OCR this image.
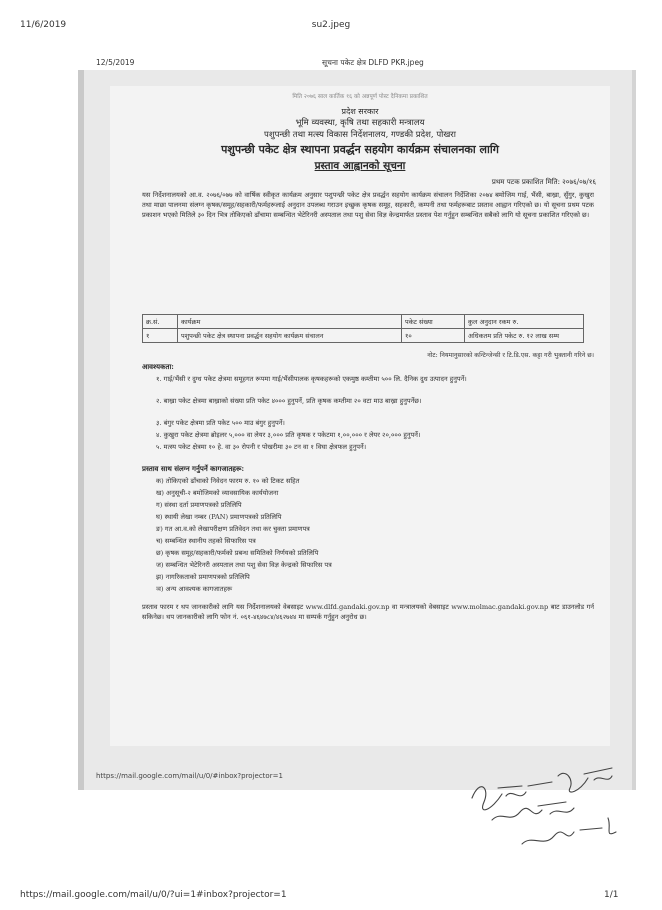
11/6/2019	su2.jpeg
12/5/2019	सूचना पकेट क्षेत्र DLFD PKR.jpeg
मिति २०७६ साल कार्तिक १६ को अन्नपूर्ण पोस्ट दैनिकमा प्रकाशित
प्रदेश सरकार
भूमि व्यवस्था, कृषि तथा सहकारी मन्त्रालय
पशुपन्छी तथा मत्स्य विकास निर्देशनालय, गण्डकी प्रदेश, पोखरा
पशुपन्छी पकेट क्षेत्र स्थापना प्रवर्द्धन सहयोग कार्यक्रम संचालनका लागि
प्रस्ताव आह्वानको सूचना
प्रथम पटक प्रकाशित मिति: २०७६/०७/१६
यस निर्देशनालयको आ.व. २०७६/०७७ को वार्षिक स्वीकृत कार्यक्रम अनुसार पशुपन्छी पकेट क्षेत्र प्रवर्द्धन सहयोग कार्यक्रम संचालन निर्देशिका २०७४ बमोजिम गाई, भैंसी, बाख्रा, सुँगुर, कुखुरा तथा माछा पालनमा संलग्न कृषक/समूह/सहकारी/फर्महरूलाई अनुदान उपलब्ध गराउन इच्छुक कृषक समूह, सहकारी, कम्पनी तथा फर्महरूबाट प्रस्ताव आह्वान गरिएको छ। यो सूचना प्रथम पटक प्रकाशन भएको मितिले ३० दिन भित्र तोकिएको ढाँचामा सम्बन्धित भेटेरिनरी अस्पताल तथा पशु सेवा विज्ञ केन्द्रमार्फत प्रस्ताव पेश गर्नुहुन सम्बन्धित सबैको लागि यो सूचना प्रकाशित गरिएको छ।
क्र.सं.	कार्यक्रम	पकेट संख्या	कुल अनुदान रकम रु.
१	पशुपन्छी पकेट क्षेत्र स्थापना प्रवर्द्धन सहयोग कार्यक्रम संचालन	१०	अधिकतम प्रति पकेट रु. १२ लाख सम्म
नोट: नियमानुसारको कन्टिन्जेन्सी र टि.डि.एस. कट्टा गरी भुक्तानी गरिने छ।
आवश्यकता:
१. गाई/भैंसी र दुग्ध पकेट क्षेत्रमा समूहगत रूपमा गाई/भैंसीपालक कृषकहरूको एकमुष्ठ कम्तीमा ५०० लि. दैनिक दुध उत्पादन हुनुपर्ने।
२. बाख्रा पकेट क्षेत्रमा बाख्राको संख्या प्रति पकेट ४००० हुनुपर्ने, प्रति कृषक कम्तीमा २० वटा माउ बाख्रा हुनुपर्नेछ।
३. बंगुर पकेट क्षेत्रमा प्रति पकेट ५०० माउ बंगुर हुनुपर्ने।
४. कुखुरा पकेट क्षेत्रमा ब्रोइलर ५,००० वा लेयर ३,००० प्रति कृषक र पकेटमा १,००,००० र लेयर २०,००० हुनुपर्ने।
५. मत्स्य पकेट क्षेत्रमा १० हे. वा ३० रोपनी र पोखरीमा ३० टन वा १ विघा क्षेत्रफल हुनुपर्ने।
प्रस्ताव साथ संलग्न गर्नुपर्ने कागजातहरू:
क) तोकिएको ढाँचाको निवेदन फारम रु. १० को टिकट सहित
ख) अनुसूची-२ बमोजिमको व्यावसायिक कार्ययोजना
ग) संस्था दर्ता प्रमाणपत्रको प्रतिलिपि
घ) स्थायी लेखा नम्बर (PAN) प्रमाणपत्रको प्रतिलिपि
ङ) गत आ.व.को लेखापरीक्षण प्रतिवेदन तथा कर चुक्ता प्रमाणपत्र
च) सम्बन्धित स्थानीय तहको सिफारिस पत्र
छ) कृषक समूह/सहकारी/फर्मको प्रबन्ध समितिको निर्णयको प्रतिलिपि
ज) सम्बन्धित भेटेरिनरी अस्पताल तथा पशु सेवा विज्ञ केन्द्रको सिफारिस पत्र
झ) नागरिकताको प्रमाणपत्रको प्रतिलिपि
ञ) अन्य आवश्यक कागजातहरू
प्रस्ताव फारम र थप जानकारीको लागि यस निर्देशनालयको वेबसाइट www.dlfd.gandaki.gov.np वा मन्त्रालयको वेबसाइट www.molmac.gandaki.gov.np बाट डाउनलोड गर्न सकिनेछ। थप जानकारीको लागि फोन नं. ०६१-४६४७८४/४६२७४४ मा सम्पर्क गर्नुहुन अनुरोध छ।
https://mail.google.com/mail/u/0/#inbox?projector=1
https://mail.google.com/mail/u/0/?ui=1#inbox?projector=1	1/1
